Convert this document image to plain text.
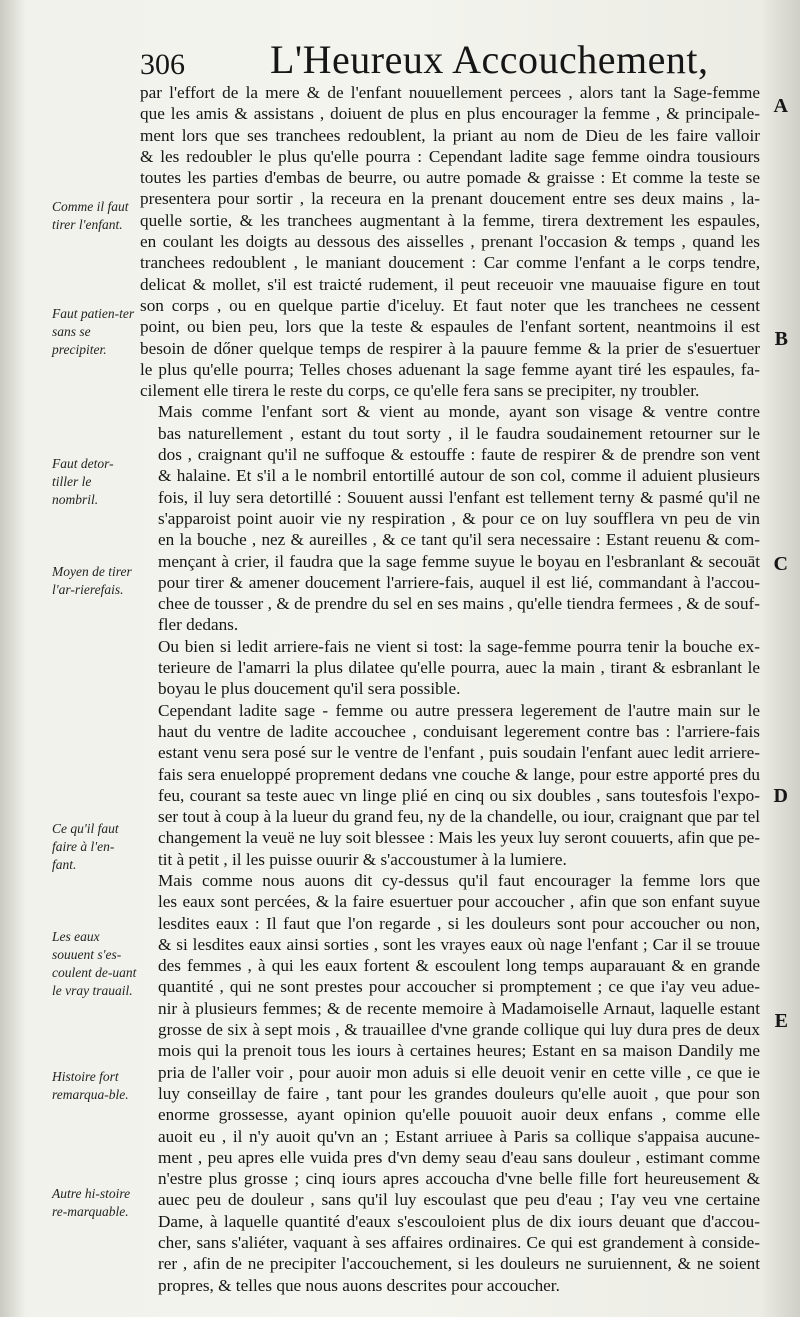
306 L'Heureux Accouchement,

par l'effort de la mere & de l'enfant nouuellement percees , alors tant la Sage-femme
que les amis & assistans , doiuent de plus en plus encourager la femme , & principale-
ment lors que ses tranchees redoublent, la priant au nom de Dieu de les faire valloir
& les redoubler le plus qu'elle pourra : Cependant ladite sage femme oindra tousiours
toutes les parties d'embas de beurre, ou autre pomade & graisse : Et comme la teste se
presentera pour sortir , la receura en la prenant doucement entre ses deux mains , la-
quelle sortie, & les tranchees augmentant à la femme, tirera dextrement les espaules,
en coulant les doigts au dessous des aisselles , prenant l'occasion & temps , quand les
tranchees redoublent , le maniant doucement : Car comme l'enfant a le corps tendre,
delicat & mollet, s'il est traicté rudement, il peut receuoir vne mauuaise figure en tout
son corps , ou en quelque partie d'iceluy. Et faut noter que les tranchees ne cessent
point, ou bien peu, lors que la teste & espaules de l'enfant sortent, neantmoins il est
besoin de dőner quelque temps de respirer à la pauure femme & la prier de s'esuertuer
le plus qu'elle pourra; Telles choses aduenant la sage femme ayant tiré les espaules, fa-
cilement elle tirera le reste du corps, ce qu'elle fera sans se precipiter, ny troubler.

Mais comme l'enfant sort & vient au monde, ayant son visage & ventre contre
bas naturellement , estant du tout sorty , il le faudra soudainement retourner sur le
dos , craignant qu'il ne suffoque & estouffe : faute de respirer & de prendre son vent
& halaine. Et s'il a le nombril entortillé autour de son col, comme il aduient plusieurs
fois, il luy sera detortillé : Souuent aussi l'enfant est tellement terny & pasmé qu'il ne
s'apparoist point auoir vie ny respiration , & pour ce on luy soufflera vn peu de vin
en la bouche , nez & aureilles , & ce tant qu'il sera necessaire : Estant reuenu & com-
mençant à crier, il faudra que la sage femme suyue le boyau en l'esbranlant & secouāt
pour tirer & amener doucement l'arriere-fais, auquel il est lié, commandant à l'accou-
chee de tousser , & de prendre du sel en ses mains , qu'elle tiendra fermees , & de souf-
fler dedans.

Ou bien si ledit arriere-fais ne vient si tost: la sage-femme pourra tenir la bouche ex-
terieure de l'amarri la plus dilatee qu'elle pourra, auec la main , tirant & esbranlant le
boyau le plus doucement qu'il sera possible.

Cependant ladite sage - femme ou autre pressera legerement de l'autre main sur le
haut du ventre de ladite accouchee , conduisant legerement contre bas : l'arriere-fais
estant venu sera posé sur le ventre de l'enfant , puis soudain l'enfant auec ledit arriere-
fais sera enueloppé proprement dedans vne couche & lange, pour estre apporté pres du
feu, courant sa teste auec vn linge plié en cinq ou six doubles , sans toutesfois l'expo-
ser tout à coup à la lueur du grand feu, ny de la chandelle, ou iour, craignant que par tel
changement la veuë ne luy soit blessee : Mais les yeux luy seront couuerts, afin que pe-
tit à petit , il les puisse ouurir & s'accoustumer à la lumiere.

Mais comme nous auons dit cy-dessus qu'il faut encourager la femme lors que
les eaux sont percées, & la faire esuertuer pour accoucher , afin que son enfant suyue
lesdites eaux : Il faut que l'on regarde , si les douleurs sont pour accoucher ou non,
& si lesdites eaux ainsi sorties , sont les vrayes eaux où nage l'enfant ; Car il se trouue
des femmes , à qui les eaux fortent & escoulent long temps auparauant & en grande
quantité , qui ne sont prestes pour accoucher si promptement ; ce que i'ay veu adue-
nir à plusieurs femmes; & de recente memoire à Madamoiselle Arnaut, laquelle estant
grosse de six à sept mois , & trauaillee d'vne grande collique qui luy dura pres de deux
mois qui la prenoit tous les iours à certaines heures; Estant en sa maison Dandily me
pria de l'aller voir , pour auoir mon aduis si elle deuoit venir en cette ville , ce que ie
luy conseillay de faire , tant pour les grandes douleurs qu'elle auoit , que pour son
enorme grossesse, ayant opinion qu'elle pouuoit auoir deux enfans , comme elle
auoit eu , il n'y auoit qu'vn an ; Estant arriuee à Paris sa collique s'appaisa aucune-
ment , peu apres elle vuida pres d'vn demy seau d'eau sans douleur , estimant comme
n'estre plus grosse ; cinq iours apres accoucha d'vne belle fille fort heureusement &
auec peu de douleur , sans qu'il luy escoulast que peu d'eau ; I'ay veu vne certaine
Dame, à laquelle quantité d'eaux s'escouloient plus de dix iours deuant que d'accou-
cher, sans s'aliéter, vaquant à ses affaires ordinaires. Ce qui est grandement à conside-
rer , afin de ne precipiter l'accouchement, si les douleurs ne suruiennent, & ne soient
propres, & telles que nous auons descrites pour accoucher.

Comme il faut tirer l'enfant.
Faut patien-ter sans se precipiter.
Faut detor-tiller le nombril.
Moyen de tirer l'ar-rierefais.
Ce qu'il faut faire à l'en-fant.
Les eaux souuent s'es-coulent de-uant le vray trauail.
Histoire fort remarqua-ble.
Autre hi-stoire re-marquable.
A
B
C
D
E
